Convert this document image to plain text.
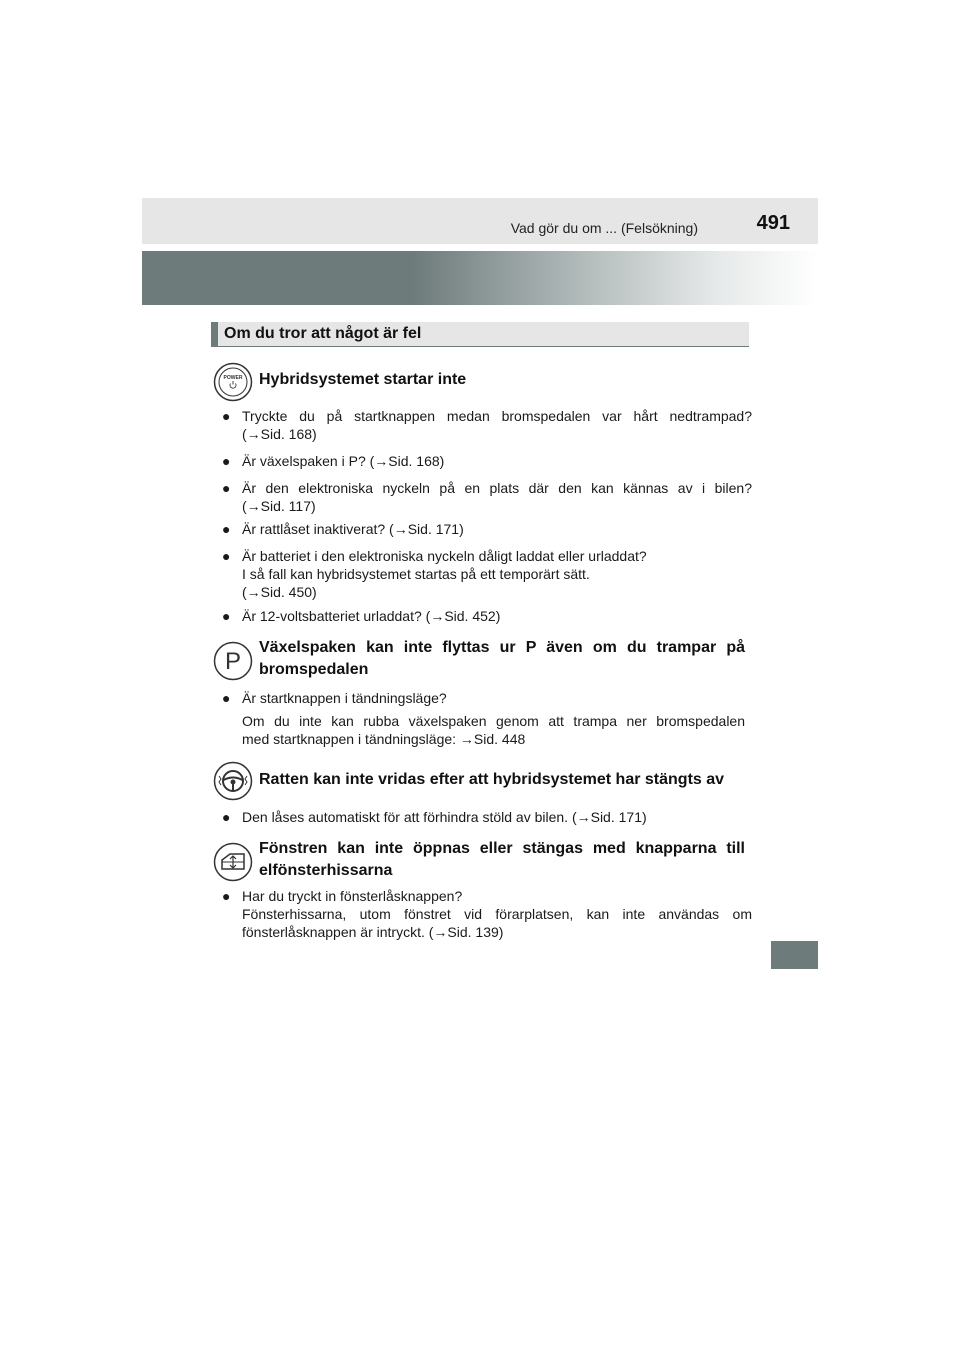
Vad gör du om ... (Felsökning)	491
Om du tror att något är fel
POWER Hybridsystemet startar inte
● Tryckte du på startknappen medan bromspedalen var hårt nedtrampad?
(→Sid. 168)
● Är växelspaken i P? (→Sid. 168)
● Är den elektroniska nyckeln på en plats där den kan kännas av i bilen?
(→Sid. 117)
● Är rattlåset inaktiverat? (→Sid. 171)
● Är batteriet i den elektroniska nyckeln dåligt laddat eller urladdat?
I så fall kan hybridsystemet startas på ett temporärt sätt.
(→Sid. 450)
● Är 12-voltsbatteriet urladdat? (→Sid. 452)
P
Växelspaken kan inte flyttas ur P även om du trampar på
bromspedalen
● Är startknappen i tändningsläge?
Om du inte kan rubba växelspaken genom att trampa ner bromspedalen
med startknappen i tändningsläge: →Sid. 448
Ratten kan inte vridas efter att hybridsystemet har stängts av
● Den låses automatiskt för att förhindra stöld av bilen. (→Sid. 171)
Fönstren kan inte öppnas eller stängas med knapparna till
elfönsterhissarna
● Har du tryckt in fönsterlåsknappen?
Fönsterhissarna, utom fönstret vid förarplatsen, kan inte användas om
fönsterlåsknappen är intryckt. (→Sid. 139)
